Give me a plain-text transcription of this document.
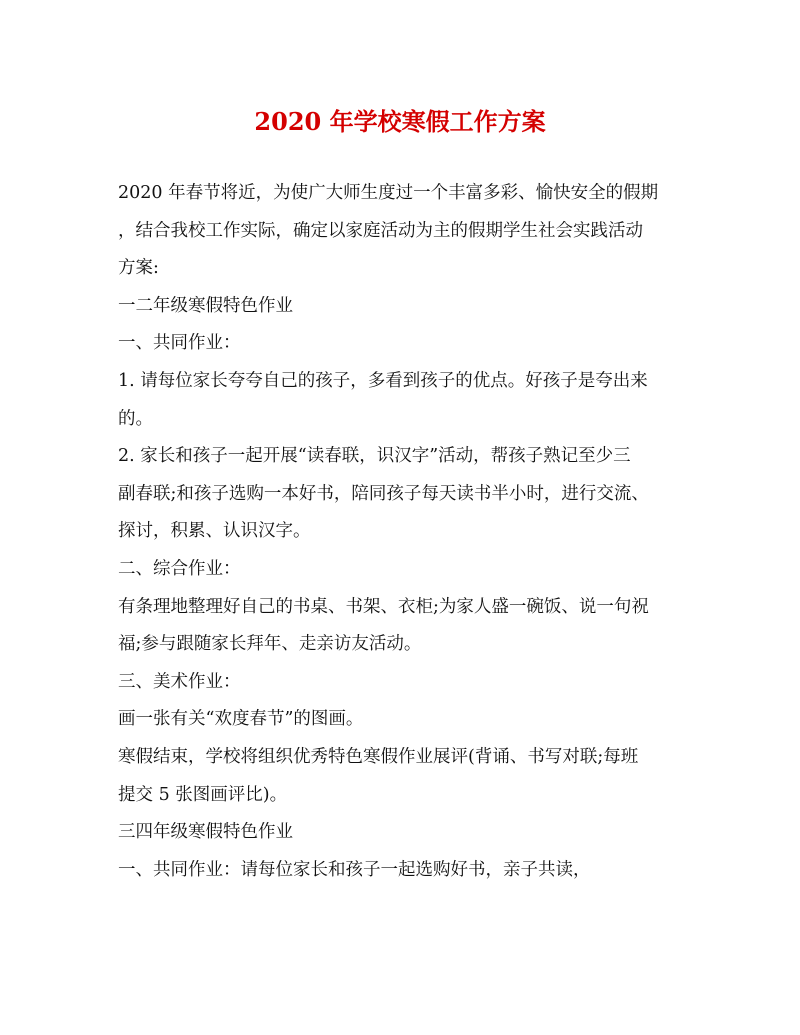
2020 年学校寒假工作方案
2020 年春节将近，为使广大师生度过一个丰富多彩、愉快安全的假期
，结合我校工作实际，确定以家庭活动为主的假期学生社会实践活动
方案:
一二年级寒假特色作业
一、共同作业：
1. 请每位家长夸夸自己的孩子，多看到孩子的优点。好孩子是夸出来
的。
2. 家长和孩子一起开展“读春联，识汉字”活动，帮孩子熟记至少三
副春联;和孩子选购一本好书，陪同孩子每天读书半小时，进行交流、
探讨，积累、认识汉字。
二、综合作业：
有条理地整理好自己的书桌、书架、衣柜;为家人盛一碗饭、说一句祝
福;参与跟随家长拜年、走亲访友活动。
三、美术作业：
画一张有关“欢度春节”的图画。
寒假结束，学校将组织优秀特色寒假作业展评(背诵、书写对联;每班
提交 5 张图画评比)。
三四年级寒假特色作业
一、共同作业：请每位家长和孩子一起选购好书，亲子共读，
